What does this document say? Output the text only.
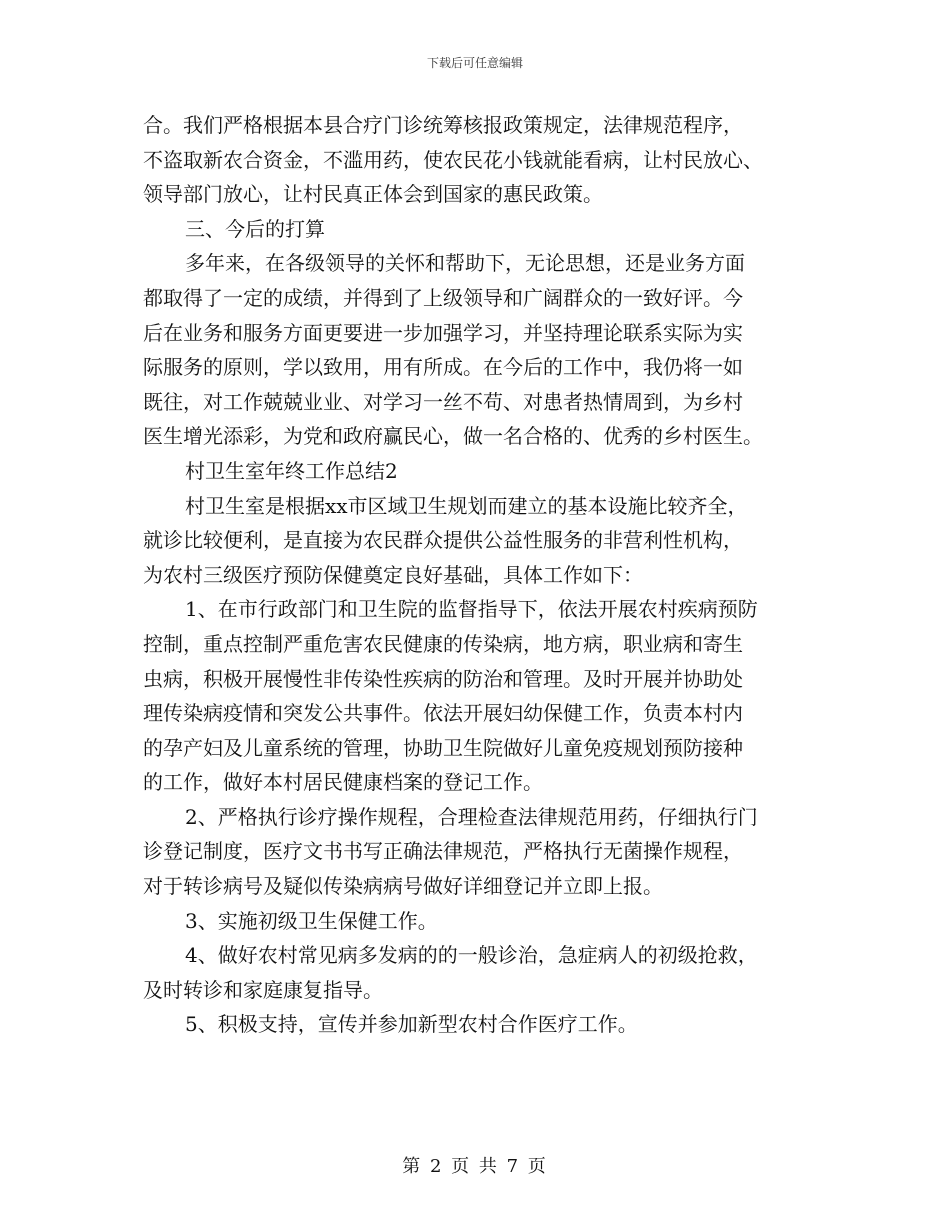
下载后可任意编辑
合。我们严格根据本县合疗门诊统筹核报政策规定，法律规范程序，
不盗取新农合资金，不滥用药，使农民花小钱就能看病，让村民放心、
领导部门放心，让村民真正体会到国家的惠民政策。
三、今后的打算
多年来，在各级领导的关怀和帮助下，无论思想，还是业务方面
都取得了一定的成绩，并得到了上级领导和广阔群众的一致好评。今
后在业务和服务方面更要进一步加强学习，并坚持理论联系实际为实
际服务的原则，学以致用，用有所成。在今后的工作中，我仍将一如
既往，对工作兢兢业业、对学习一丝不苟、对患者热情周到，为乡村
医生增光添彩，为党和政府赢民心，做一名合格的、优秀的乡村医生。
村卫生室年终工作总结2
村卫生室是根据xx市区域卫生规划而建立的基本设施比较齐全，
就诊比较便利，是直接为农民群众提供公益性服务的非营利性机构，
为农村三级医疗预防保健奠定良好基础，具体工作如下：
1、在市行政部门和卫生院的监督指导下，依法开展农村疾病预防
控制，重点控制严重危害农民健康的传染病，地方病，职业病和寄生
虫病，积极开展慢性非传染性疾病的防治和管理。及时开展并协助处
理传染病疫情和突发公共事件。依法开展妇幼保健工作，负责本村内
的孕产妇及儿童系统的管理，协助卫生院做好儿童免疫规划预防接种
的工作，做好本村居民健康档案的登记工作。
2、严格执行诊疗操作规程，合理检查法律规范用药，仔细执行门
诊登记制度，医疗文书书写正确法律规范，严格执行无菌操作规程，
对于转诊病号及疑似传染病病号做好详细登记并立即上报。
3、实施初级卫生保健工作。
4、做好农村常见病多发病的的一般诊治，急症病人的初级抢救，
及时转诊和家庭康复指导。
5、积极支持，宣传并参加新型农村合作医疗工作。
第 2 页 共 7 页
